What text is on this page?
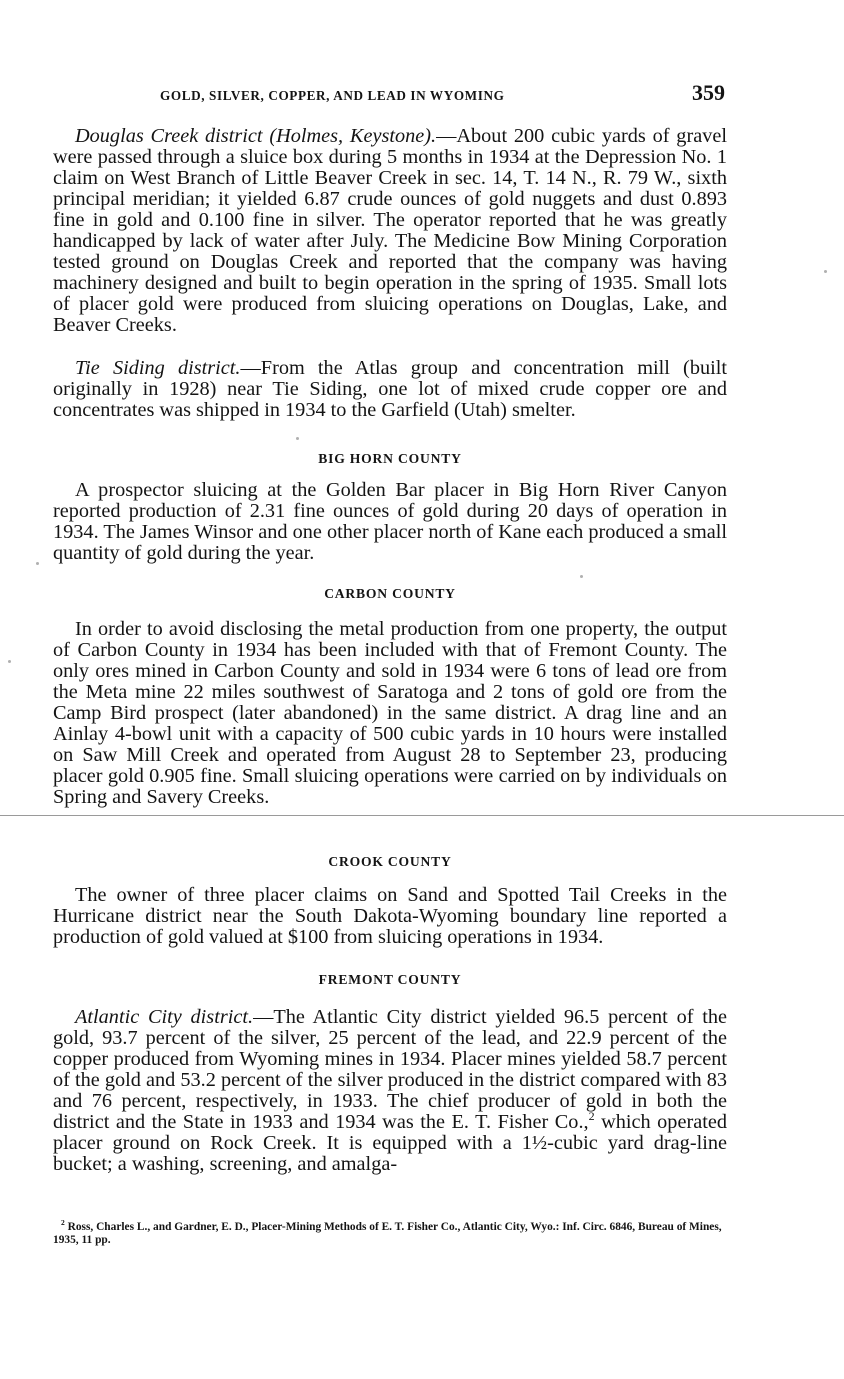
GOLD, SILVER, COPPER, AND LEAD IN WYOMING	359

Douglas Creek district (Holmes, Keystone).—About 200 cubic yards of gravel were passed through a sluice box during 5 months in 1934 at the Depression No. 1 claim on West Branch of Little Beaver Creek in sec. 14, T. 14 N., R. 79 W., sixth principal meridian; it yielded 6.87 crude ounces of gold nuggets and dust 0.893 fine in gold and 0.100 fine in silver. The operator reported that he was greatly handicapped by lack of water after July. The Medicine Bow Mining Corporation tested ground on Douglas Creek and reported that the company was having machinery designed and built to begin operation in the spring of 1935. Small lots of placer gold were produced from sluicing operations on Douglas, Lake, and Beaver Creeks.

Tie Siding district.—From the Atlas group and concentration mill (built originally in 1928) near Tie Siding, one lot of mixed crude copper ore and concentrates was shipped in 1934 to the Garfield (Utah) smelter.

BIG HORN COUNTY

A prospector sluicing at the Golden Bar placer in Big Horn River Canyon reported production of 2.31 fine ounces of gold during 20 days of operation in 1934. The James Winsor and one other placer north of Kane each produced a small quantity of gold during the year.

CARBON COUNTY

In order to avoid disclosing the metal production from one property, the output of Carbon County in 1934 has been included with that of Fremont County. The only ores mined in Carbon County and sold in 1934 were 6 tons of lead ore from the Meta mine 22 miles southwest of Saratoga and 2 tons of gold ore from the Camp Bird prospect (later abandoned) in the same district. A drag line and an Ainlay 4-bowl unit with a capacity of 500 cubic yards in 10 hours were installed on Saw Mill Creek and operated from August 28 to September 23, producing placer gold 0.905 fine. Small sluicing operations were carried on by individuals on Spring and Savery Creeks.

CROOK COUNTY

The owner of three placer claims on Sand and Spotted Tail Creeks in the Hurricane district near the South Dakota-Wyoming boundary line reported a production of gold valued at $100 from sluicing operations in 1934.

FREMONT COUNTY

Atlantic City district.—The Atlantic City district yielded 96.5 percent of the gold, 93.7 percent of the silver, 25 percent of the lead, and 22.9 percent of the copper produced from Wyoming mines in 1934. Placer mines yielded 58.7 percent of the gold and 53.2 percent of the silver produced in the district compared with 83 and 76 percent, respectively, in 1933. The chief producer of gold in both the district and the State in 1933 and 1934 was the E. T. Fisher Co.,$^2$ which operated placer ground on Rock Creek. It is equipped with a 1½-cubic yard drag-line bucket; a washing, screening, and amalga-

$^2$ Ross, Charles L., and Gardner, E. D., Placer-Mining Methods of E. T. Fisher Co., Atlantic City, Wyo.: Inf. Circ. 6846, Bureau of Mines, 1935, 11 pp.
